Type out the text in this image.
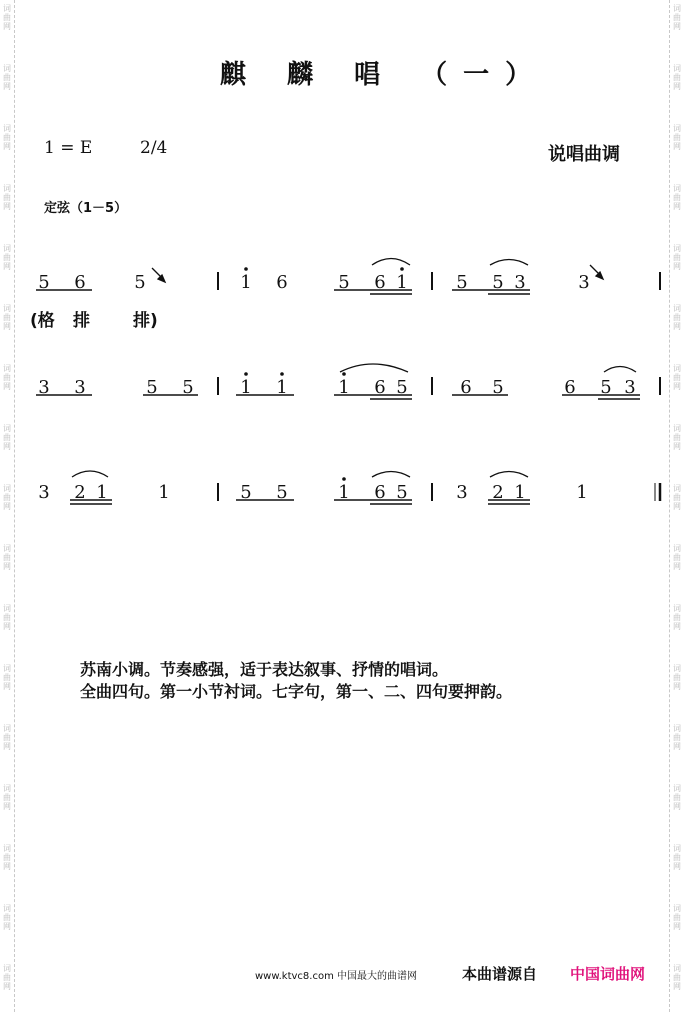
词
曲
网
词
曲
网
词
曲
网
词
曲
网
词
曲
网
词
曲
网
词
曲
网
词
曲
网
词
曲
网
词
曲
网
词
曲
网
词
曲
网
词
曲
网
词
曲
网
词
曲
网
词
曲
网
词
曲
网
词
曲
网
词
曲
网
词
曲
网
词
曲
网
词
曲
网
词
曲
网
词
曲
网
词
曲
网
词
曲
网
词
曲
网
词
曲
网
词
曲
网
词
曲
网
词
曲
网
词
曲
网
词
曲
网
词
曲
网
麒 麟 唱 （一）
1 = E	2/4	说唱曲调
定弦（1－5）
(格 排	排)
5 6	5	1 6	5 6 1	5 5 3	3
3 3	5 5	1 1	1 6 5	6 5	6 5 3
3 2 1	1	5 5	1 6 5	3 2 1	1
苏南小调。节奏感强，适于表达叙事、抒情的唱词。
全曲四句。第一小节衬词。七字句，第一、二、四句要押韵。
www.ktvc8.com 中国最大的曲谱网	本曲谱源自 中国词曲网
